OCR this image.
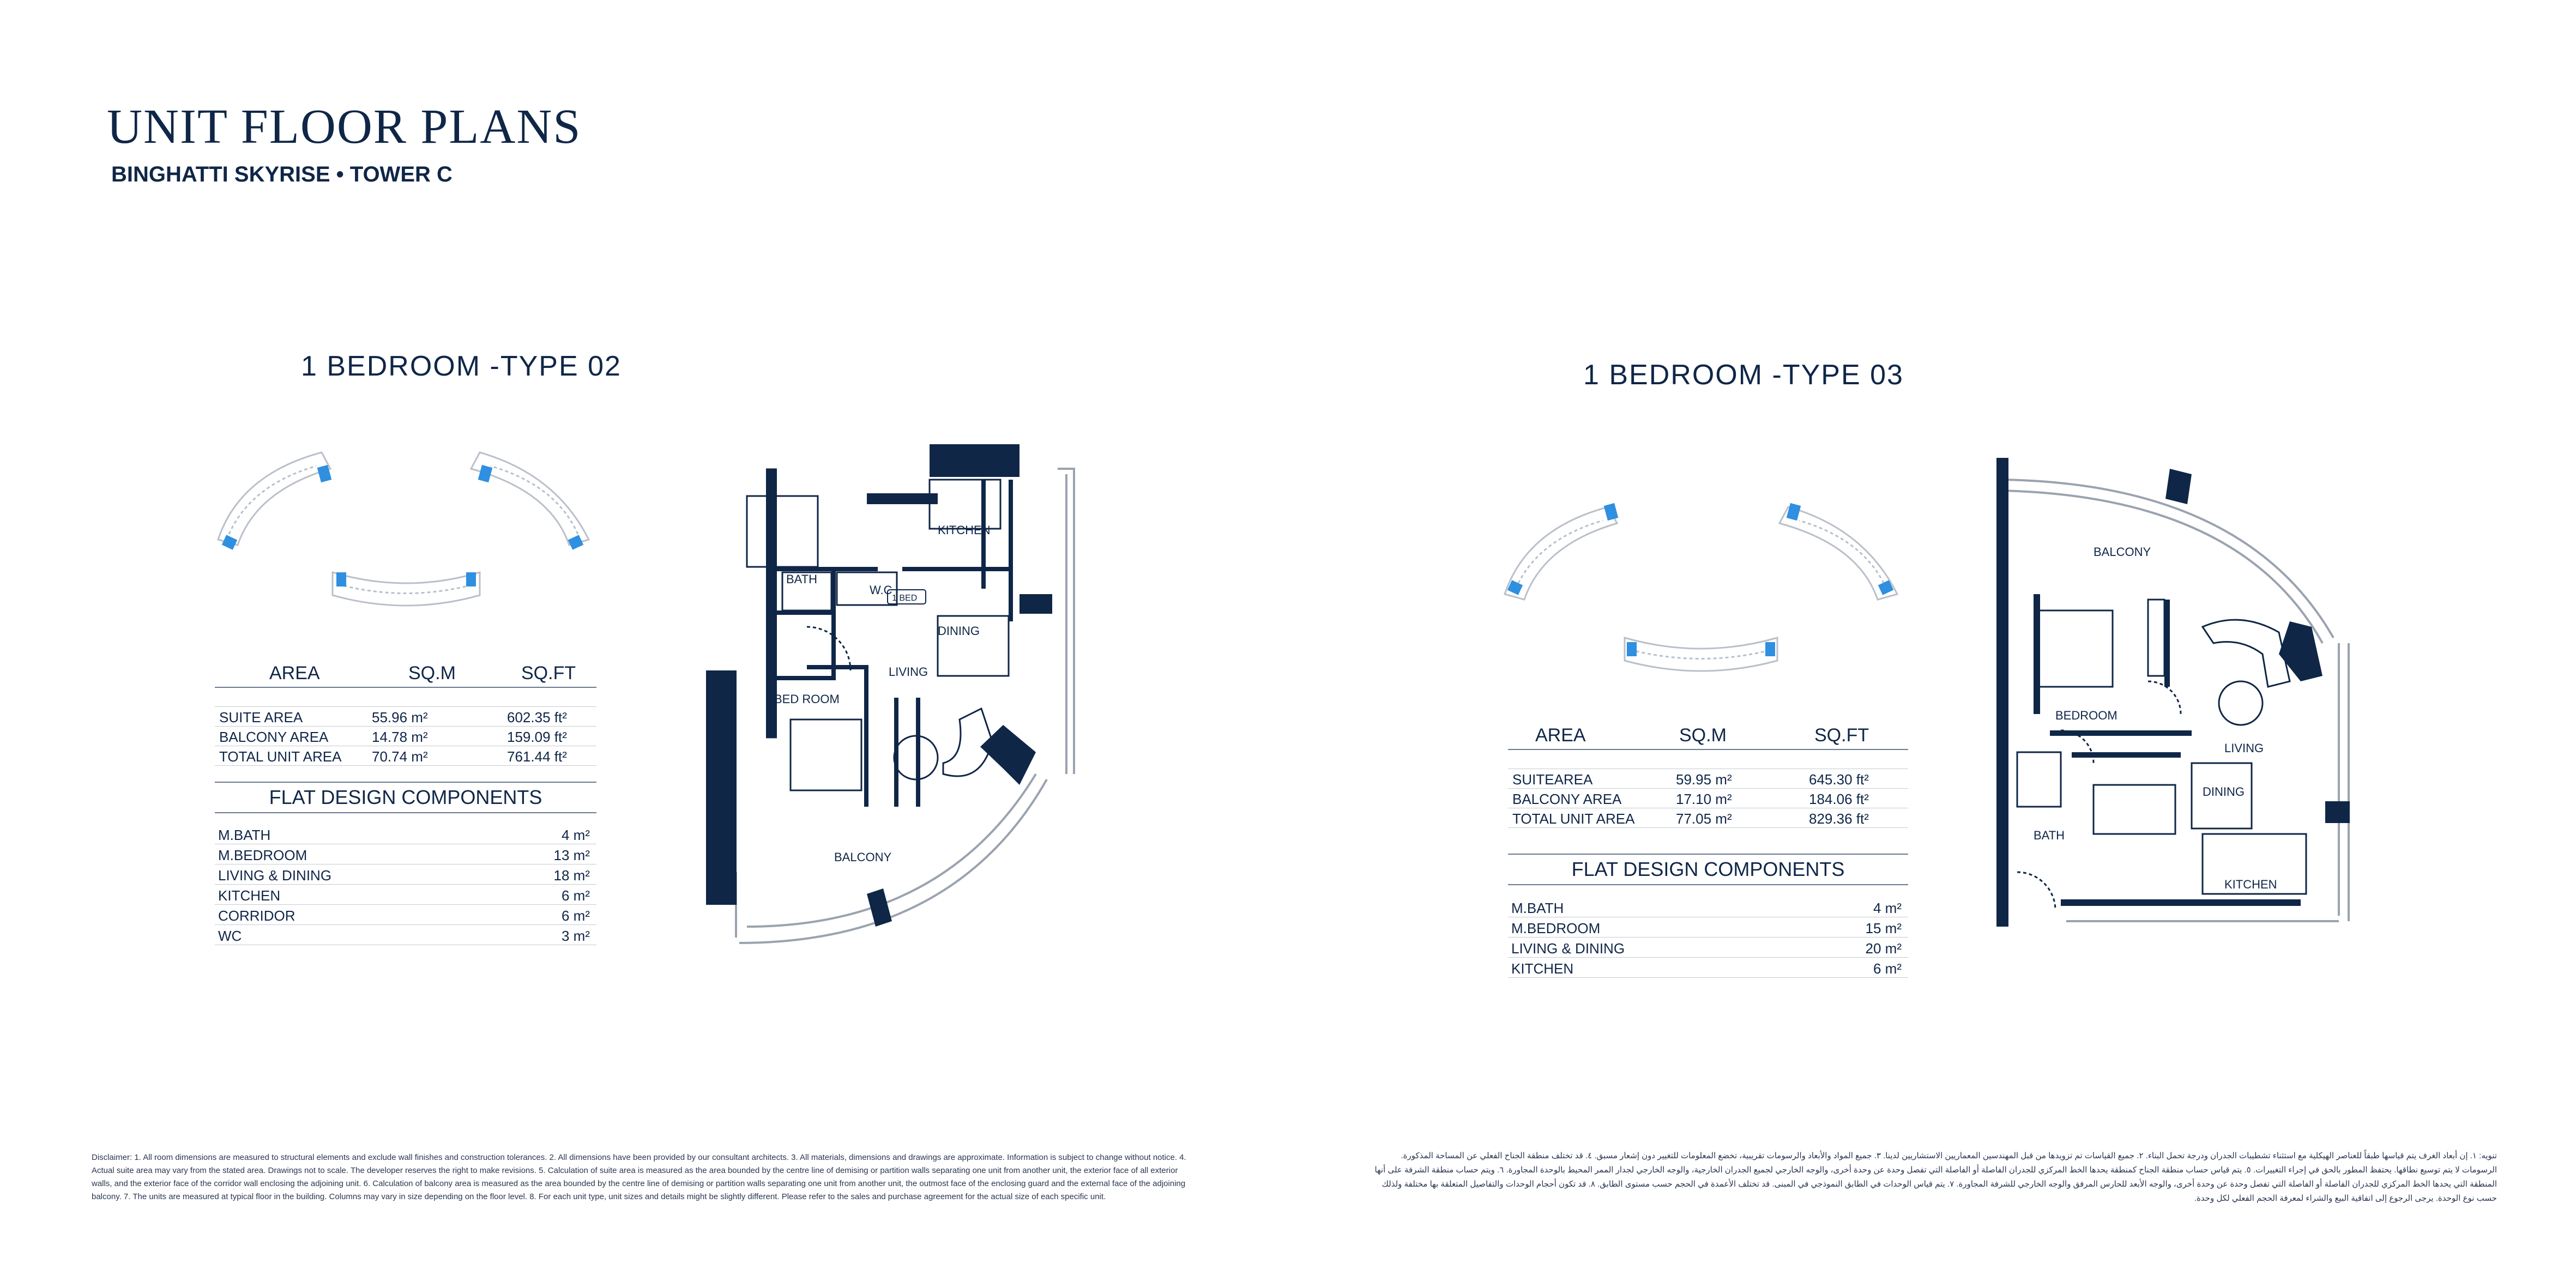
UNIT FLOOR PLANS
BINGHATTI SKYRISE • TOWER C
1 BEDROOM -TYPE 02
AREA	SQ.M	SQ.FT
SUITE AREA	55.96 m²	602.35 ft²
BALCONY AREA	14.78 m²	159.09 ft²
TOTAL UNIT AREA 70.74 m²	761.44 ft²
FLAT DESIGN COMPONENTS
M.BATH	4 m²
M.BEDROOM	13 m²
LIVING & DINING	18 m²
KITCHEN	6 m²
CORRIDOR	6 m²
WC	3 m²
KITCHEN
BATH
W.C
1 BED
DINING
LIVING
BED ROOM
BALCONY
1 BEDROOM -TYPE 03
AREA	SQ.M	SQ.FT
SUITEAREA	59.95 m²	645.30 ft²
BALCONY AREA	17.10 m²	184.06 ft²
TOTAL UNIT AREA	77.05 m²	829.36 ft²
FLAT DESIGN COMPONENTS
M.BATH	4 m²
M.BEDROOM	15 m²
LIVING & DINING	20 m²
KITCHEN	6 m²
BALCONY
BEDROOM
LIVING
DINING
BATH
KITCHEN
Disclaimer: 1. All room dimensions are measured to structural elements and exclude wall finishes and construction tolerances. 2. All dimensions have been provided by our consultant architects. 3. All materials, dimensions and drawings are approximate. Information is subject to change without notice. 4. Actual suite area may vary from the stated area. Drawings not to scale. The developer reserves the right to make revisions. 5. Calculation of suite area is measured as the area bounded by the centre line of demising or partition walls separating one unit from another unit, the exterior face of all exterior walls, and the exterior face of the corridor wall enclosing the adjoining unit. 6. Calculation of balcony area is measured as the area bounded by the centre line of demising or partition walls separating one unit from another unit, the outmost face of the enclosing guard and the external face of the adjoining balcony. 7. The units are measured at typical floor in the building. Columns may vary in size depending on the floor level. 8. For each unit type, unit sizes and details might be slightly different. Please refer to the sales and purchase agreement for the actual size of each specific unit.
تنويه: ١. إن أبعاد الغرف يتم قياسها طبقاً للعناصر الهيكلية مع استثناء تشطيبات الجدران ودرجة تحمل البناء. ٢. جميع القياسات تم تزويدها من قبل المهندسين المعماريين الاستشاريين لدينا. ٣. جميع المواد والأبعاد والرسومات تقريبية، تخضع المعلومات للتغيير دون إشعار مسبق. ٤. قد تختلف منطقة الجناح الفعلي عن المساحة المذكورة. الرسومات لا يتم توسيع نطاقها. يحتفظ المطور بالحق في إجراء التغييرات. ٥. يتم قياس حساب منطقة الجناح كمنطقة يحدها الخط المركزي للجدران الفاصلة أو الفاصلة التي تفصل وحدة عن وحدة أخرى، والوجه الخارجي لجميع الجدران الخارجية، والوجه الخارجي لجدار الممر المحيط بالوحدة المجاورة. ٦. ويتم حساب منطقة الشرفة على أنها المنطقة التي يحدها الخط المركزي للجدران الفاصلة أو الفاصلة التي تفصل وحدة عن وحدة أخرى، والوجه الأبعد للحارس المرفق والوجه الخارجي للشرفة المجاورة. ٧. يتم قياس الوحدات في الطابق النموذجي في المبنى. قد تختلف الأعمدة في الحجم حسب مستوى الطابق. ٨. قد تكون أحجام الوحدات والتفاصيل المتعلقة بها مختلفة ولذلك حسب نوع الوحدة. يرجى الرجوع إلى اتفاقية البيع والشراء لمعرفة الحجم الفعلي لكل وحدة.
